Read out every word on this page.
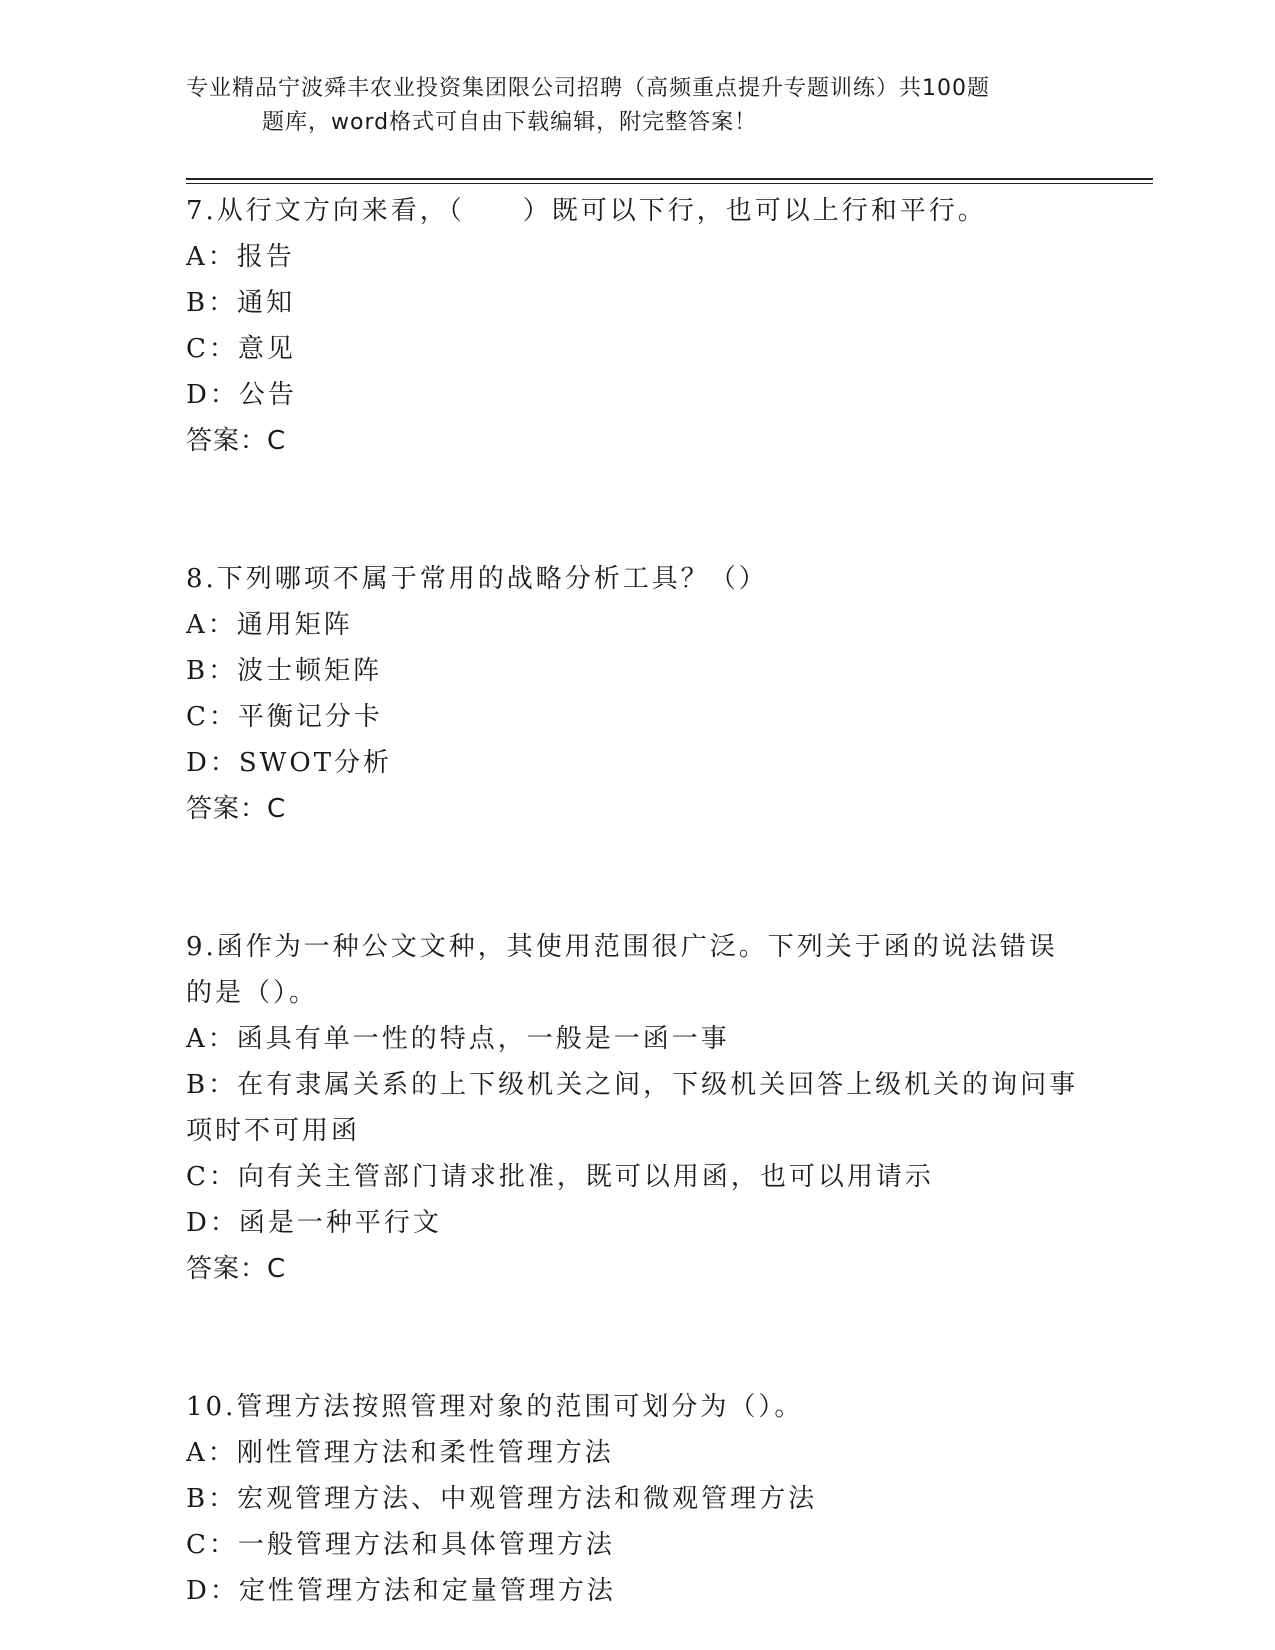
专业精品宁波舜丰农业投资集团限公司招聘（高频重点提升专题训练）共100题
题库，word格式可自由下载编辑，附完整答案！
7.从行文方向来看，（　　）既可以下行，也可以上行和平行。
A：报告
B：通知
C：意见
D：公告
答案：C
8.下列哪项不属于常用的战略分析工具？（）
A：通用矩阵
B：波士顿矩阵
C：平衡记分卡
D：SWOT分析
答案：C
9.函作为一种公文文种，其使用范围很广泛。下列关于函的说法错误
的是（）。
A：函具有单一性的特点，一般是一函一事
B：在有隶属关系的上下级机关之间，下级机关回答上级机关的询问事
项时不可用函
C：向有关主管部门请求批准，既可以用函，也可以用请示
D：函是一种平行文
答案：C
10.管理方法按照管理对象的范围可划分为（）。
A：刚性管理方法和柔性管理方法
B：宏观管理方法、中观管理方法和微观管理方法
C：一般管理方法和具体管理方法
D：定性管理方法和定量管理方法
